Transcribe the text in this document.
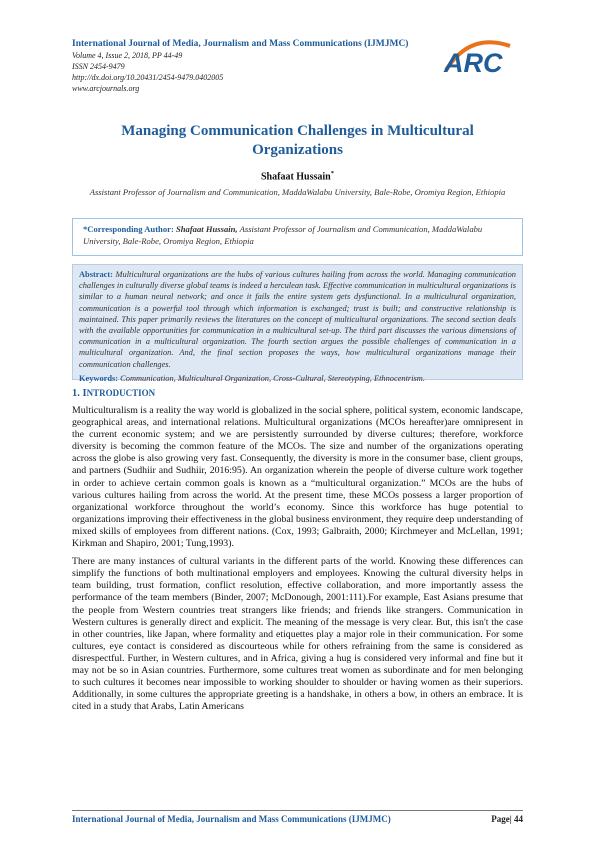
International Journal of Media, Journalism and Mass Communications (IJMJMC)
Volume 4, Issue 2, 2018, PP 44-49
ISSN 2454-9479
http://dx.doi.org/10.20431/2454-9479.0402005
www.arcjournals.org
ARC
Managing Communication Challenges in Multicultural Organizations
Shafaat Hussain*
Assistant Professor of Journalism and Communication, MaddaWalabu University, Bale-Robe, Oromiya Region, Ethiopia
*Corresponding Author: Shafaat Hussain, Assistant Professor of Journalism and Communication, MaddaWalabu University, Bale-Robe, Oromiya Region, Ethiopia
Abstract: Multicultural organizations are the hubs of various cultures hailing from across the world. Managing communication challenges in culturally diverse global teams is indeed a herculean task. Effective communication in multicultural organizations is similar to a human neural network; and once it fails the entire system gets dysfunctional. In a multicultural organization, communication is a powerful tool through which information is exchanged; trust is built; and constructive relationship is maintained. This paper primarily reviews the literatures on the concept of multicultural organizations. The second section deals with the available opportunities for communication in a multicultural set-up. The third part discusses the various dimensions of communication in a multicultural organization. The fourth section argues the possible challenges of communication in a multicultural organization. And, the final section proposes the ways, how multicultural organizations manage their communication challenges.
Keywords: Communication, Multicultural Organization, Cross-Cultural, Stereotyping, Ethnocentrism.
1. INTRODUCTION

Multiculturalism is a reality the way world is globalized in the social sphere, political system, economic landscape, geographical areas, and international relations. Multicultural organizations (MCOs hereafter)are omnipresent in the current economic system; and we are persistently surrounded by diverse cultures; therefore, workforce diversity is becoming the common feature of the MCOs. The size and number of the organizations operating across the globe is also growing very fast. Consequently, the diversity is more in the consumer base, client groups, and partners (Sudhiir and Sudhiir, 2016:95). An organization wherein the people of diverse culture work together in order to achieve certain common goals is known as a “multicultural organization.” MCOs are the hubs of various cultures hailing from across the world. At the present time, these MCOs possess a larger proportion of organizational workforce throughout the world’s economy. Since this workforce has huge potential to organizations improving their effectiveness in the global business environment, they require deep understanding of mixed skills of employees from different nations. (Cox, 1993; Galbraith, 2000; Kirchmeyer and McLellan, 1991; Kirkman and Shapiro, 2001; Tung,1993).

There are many instances of cultural variants in the different parts of the world. Knowing these differences can simplify the functions of both multinational employers and employees. Knowing the cultural diversity helps in team building, trust formation, conflict resolution, effective collaboration, and more importantly assess the performance of the team members (Binder, 2007; McDonough, 2001:111).For example, East Asians presume that the people from Western countries treat strangers like friends; and friends like strangers. Communication in Western cultures is generally direct and explicit. The meaning of the message is very clear. But, this isn't the case in other countries, like Japan, where formality and etiquettes play a major role in their communication. For some cultures, eye contact is considered as discourteous while for others refraining from the same is considered as disrespectful. Further, in Western cultures, and in Africa, giving a hug is considered very informal and fine but it may not be so in Asian countries. Furthermore, some cultures treat women as subordinate and for men belonging to such cultures it becomes near impossible to working shoulder to shoulder or having women as their superiors. Additionally, in some cultures the appropriate greeting is a handshake, in others a bow, in others an embrace. It is cited in a study that Arabs, Latin Americans

International Journal of Media, Journalism and Mass Communications (IJMJMC)	Page| 44
